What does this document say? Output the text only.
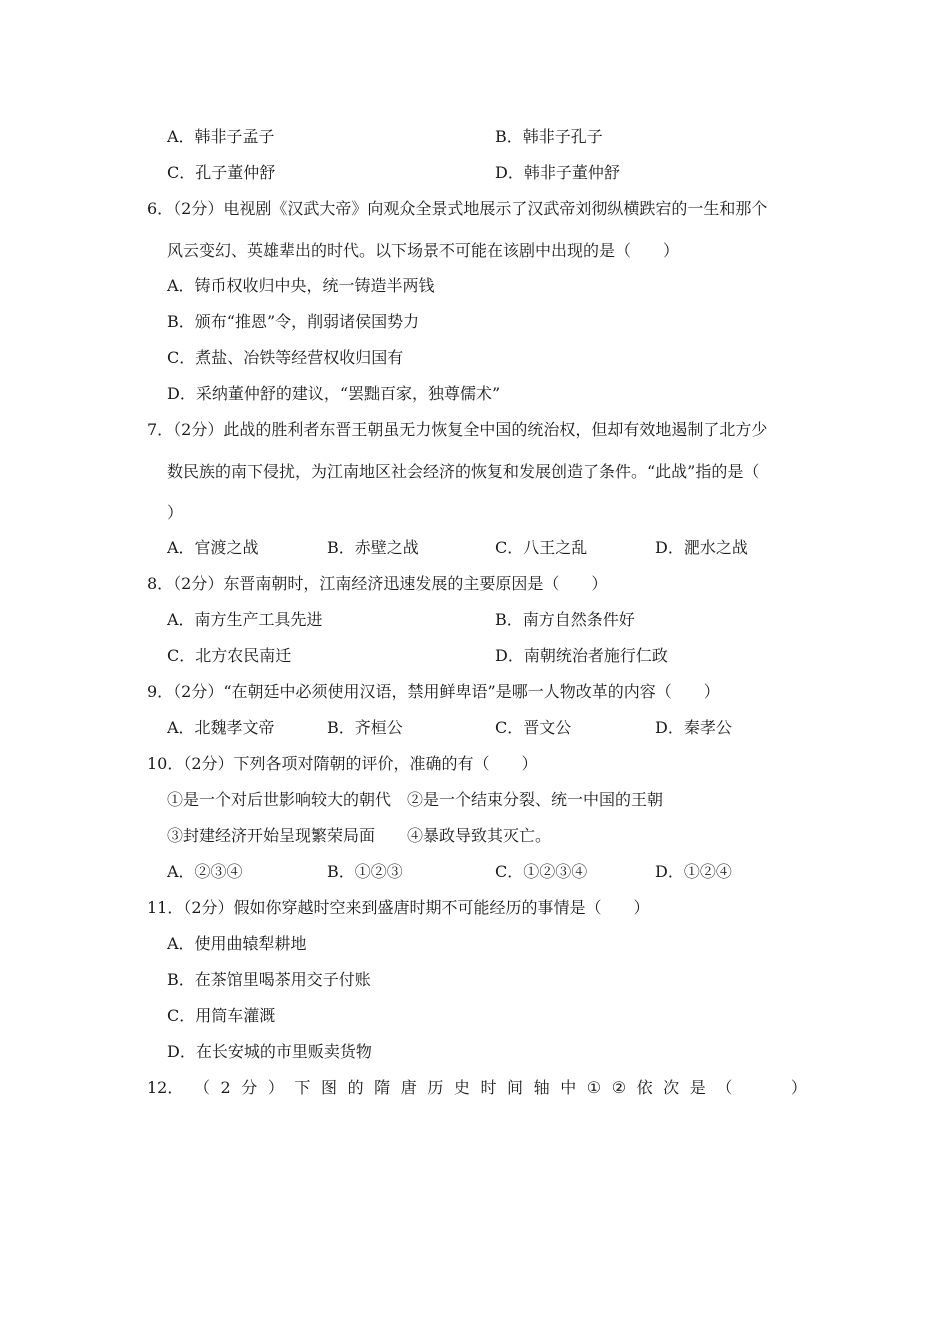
A．韩非子孟子	B．韩非子孔子
C．孔子董仲舒	D．韩非子董仲舒
6．（2分）电视剧《汉武大帝》向观众全景式地展示了汉武帝刘彻纵横跌宕的一生和那个
风云变幻、英雄辈出的时代。以下场景不可能在该剧中出现的是（　　）
A．铸币权收归中央，统一铸造半两钱
B．颁布“推恩”令，削弱诸侯国势力
C．煮盐、冶铁等经营权收归国有
D．采纳董仲舒的建议，“罢黜百家，独尊儒术”
7．（2分）此战的胜利者东晋王朝虽无力恢复全中国的统治权，但却有效地遏制了北方少
数民族的南下侵扰，为江南地区社会经济的恢复和发展创造了条件。“此战”指的是（
）
A．官渡之战	B．赤壁之战	C．八王之乱	D．淝水之战
8．（2分）东晋南朝时，江南经济迅速发展的主要原因是（　　）
A．南方生产工具先进	B．南方自然条件好
C．北方农民南迁	D．南朝统治者施行仁政
9．（2分）“在朝廷中必须使用汉语，禁用鲜卑语”是哪一人物改革的内容（　　）
A．北魏孝文帝	B．齐桓公	C．晋文公	D．秦孝公
10．（2分）下列各项对隋朝的评价，准确的有（　　）
①是一个对后世影响较大的朝代　②是一个结束分裂、统一中国的王朝
③封建经济开始呈现繁荣局面　　④暴政导致其灭亡。
A．②③④	B．①②③	C．①②③④	D．①②④
11．（2分）假如你穿越时空来到盛唐时期不可能经历的事情是（　　）
A．使用曲辕犁耕地
B．在茶馆里喝茶用交子付账
C．用筒车灌溉
D．在长安城的市里贩卖货物
12． （ 2 分 ） 下 图 的 隋 唐 历 史 时 间 轴 中 ① ② 依 次 是 （	）
